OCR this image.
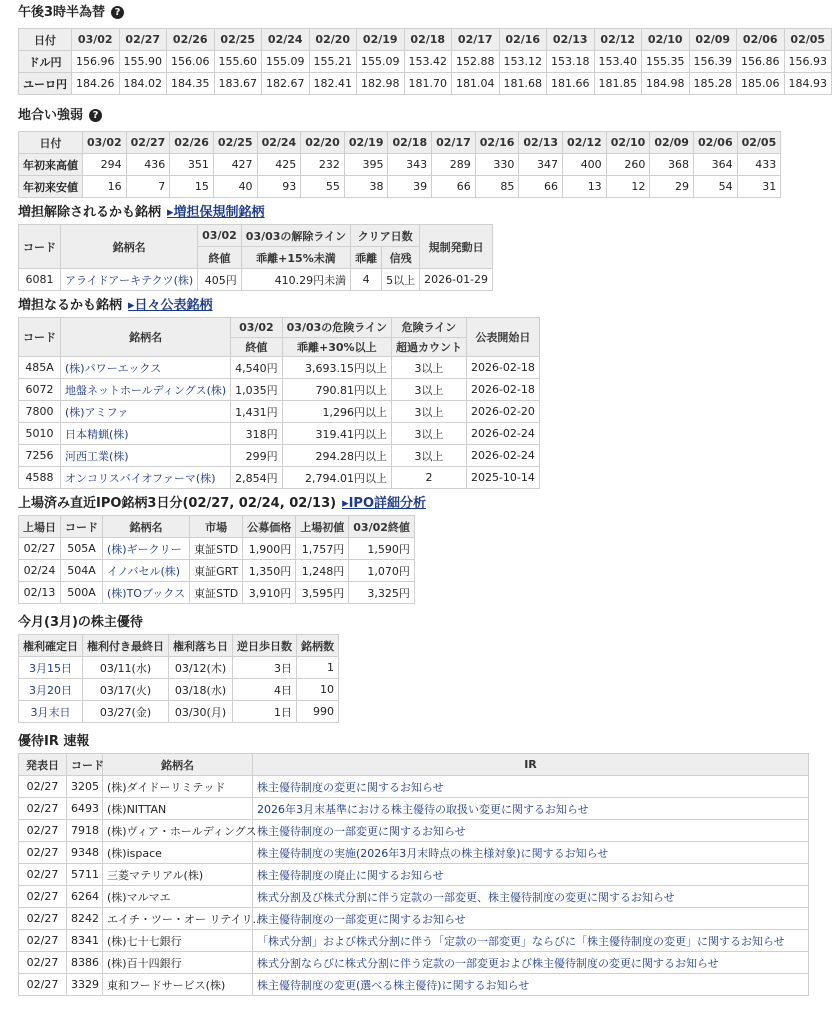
午後3時半為替 ?
日付	03/02	02/27	02/26	02/25	02/24	02/20	02/19	02/18	02/17	02/16	02/13	02/12	02/10	02/09	02/06	02/05
ドル円	156.96	155.90	156.06	155.60	155.09	155.21	155.09	153.42	152.88	153.12	153.18	153.40	155.35	156.39	156.86	156.93
ユーロ円	184.26	184.02	184.35	183.67	182.67	182.41	182.98	181.70	181.04	181.68	181.66	181.85	184.98	185.28	185.06	184.93
地合い強弱 ?
日付	03/02	02/27	02/26	02/25	02/24	02/20	02/19	02/18	02/17	02/16	02/13	02/12	02/10	02/09	02/06	02/05
年初来高値	294	436	351	427	425	232	395	343	289	330	347	400	260	368	364	433
年初来安値	16	7	15	40	93	55	38	39	66	85	66	13	12	29	54	31
増担解除されるかも銘柄 ▸増担保規制銘柄
コード	銘柄名	03/02	03/03の解除ライン	クリア日数		規制発動日
		終値	乖離+15%未満	乖離	信残	
6081	アライドアーキテクツ(株)	405円	410.29円未満	4	5以上	2026-01-29
増担なるかも銘柄 ▸日々公表銘柄
コード	銘柄名	03/02	03/03の危険ライン	危険ライン	公表開始日
		終値	乖離+30%以上	超過カウント	
485A	(株)パワーエックス	4,540円	3,693.15円以上	3以上	2026-02-18
6072	地盤ネットホールディングス(株)	1,035円	790.81円以上	3以上	2026-02-18
7800	(株)アミファ	1,431円	1,296円以上	3以上	2026-02-20
5010	日本精蝋(株)	318円	319.41円以上	3以上	2026-02-24
7256	河西工業(株)	299円	294.28円以上	3以上	2026-02-24
4588	オンコリスバイオファーマ(株)	2,854円	2,794.01円以上	2	2025-10-14
上場済み直近IPO銘柄3日分(02/27, 02/24, 02/13) ▸IPO詳細分析
上場日	コード	銘柄名	市場	公募価格	上場初値	03/02終値
02/27	505A	(株)ギークリー	東証STD	1,900円	1,757円	1,590円
02/24	504A	イノバセル(株)	東証GRT	1,350円	1,248円	1,070円
02/13	500A	(株)TOブックス	東証STD	3,910円	3,595円	3,325円
今月(3月)の株主優待
権利確定日	権利付き最終日	権利落ち日	逆日歩日数	銘柄数
3月15日	03/11(水)	03/12(木)	3日	1
3月20日	03/17(火)	03/18(水)	4日	10
3月末日	03/27(金)	03/30(月)	1日	990
優待IR 速報
発表日	コード	銘柄名	IR
02/27	3205	(株)ダイドーリミテッド	株主優待制度の変更に関するお知らせ
02/27	6493	(株)NITTAN	2026年3月末基準における株主優待の取扱い変更に関するお知らせ
02/27	7918	(株)ヴィア・ホールディングス	株主優待制度の一部変更に関するお知らせ
02/27	9348	(株)ispace	株主優待制度の実施(2026年3月末時点の株主様対象)に関するお知らせ
02/27	5711	三菱マテリアル(株)	株主優待制度の廃止に関するお知らせ
02/27	6264	(株)マルマエ	株式分割及び株式分割に伴う定款の一部変更、株主優待制度の変更に関するお知らせ
02/27	8242	エイチ・ツー・オー リテイリ..	株主優待制度の一部変更に関するお知らせ
02/27	8341	(株)七十七銀行	「株式分割」および株式分割に伴う「定款の一部変更」ならびに「株主優待制度の変更」に関するお知らせ
02/27	8386	(株)百十四銀行	株式分割ならびに株式分割に伴う定款の一部変更および株主優待制度の変更に関するお知らせ
02/27	3329	東和フードサービス(株)	株主優待制度の変更(選べる株主優待)に関するお知らせ
